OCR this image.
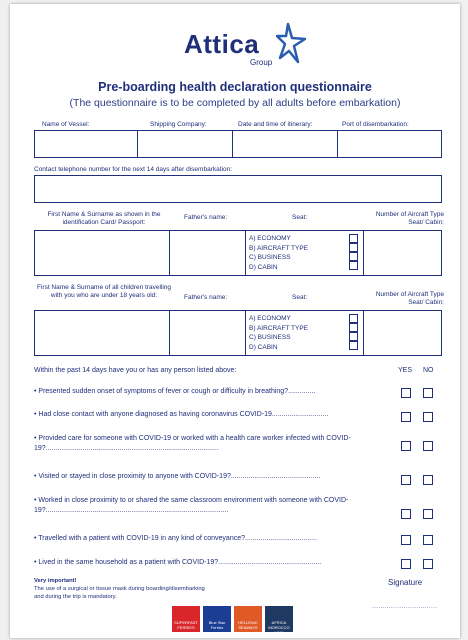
Attica
Group
Pre-boarding health declaration questionnaire
(The questionnaire is to be completed by all adults before embarkation)
Name of Vessel:	Shipping Company:	Date and time of itinerary:	Port of disembarkation:
Contact telephone number for the next 14 days after disembarkation:
First Name & Surname as shown in the identification Card/ Passport:
Father's name:	Seat:	Number of Aircraft Type Seat/ Cabin:
A) ECONOMY
B) AIRCRAFT TYPE
C) BUSINESS
D) CABIN
First Name & Surname of all children travelling with you who are under 18 years old:	Father's name:	Seat:	Number of Aircraft Type Seat/ Cabin:
A) ECONOMY
B) AIRCRAFT TYPE
C) BUSINESS
D) CABIN
Within the past 14 days have you or has any person listed above:	YES NO
• Presented sudden onset of symptoms of fever or cough or difficulty in breathing?..............
• Had close contact with anyone diagnosed as having coronavirus COVID-19.............................
• Provided care for someone with COVID-19 or worked with a health care worker infected with COVID-19?.........................................................................................
• Visited or stayed in close proximity to anyone with COVID-19?..............................................
• Worked in close proximity to or shared the same classroom environment with someone with COVID-19?..............................................................................................
• Travelled with a patient with COVID-19 in any kind of conveyance?.....................................
• Lived in the same household as a patient with COVID-19?.....................................................
Very important!
The use of a surgical or tissue mask during boarding/disembarking
and during the trip is mandatory.
Signature
...............................
SUPERFAST FERRIES
Blue Star Ferries
HELLENIC SEAWAYS
AFRICA MOROCCO LINK
